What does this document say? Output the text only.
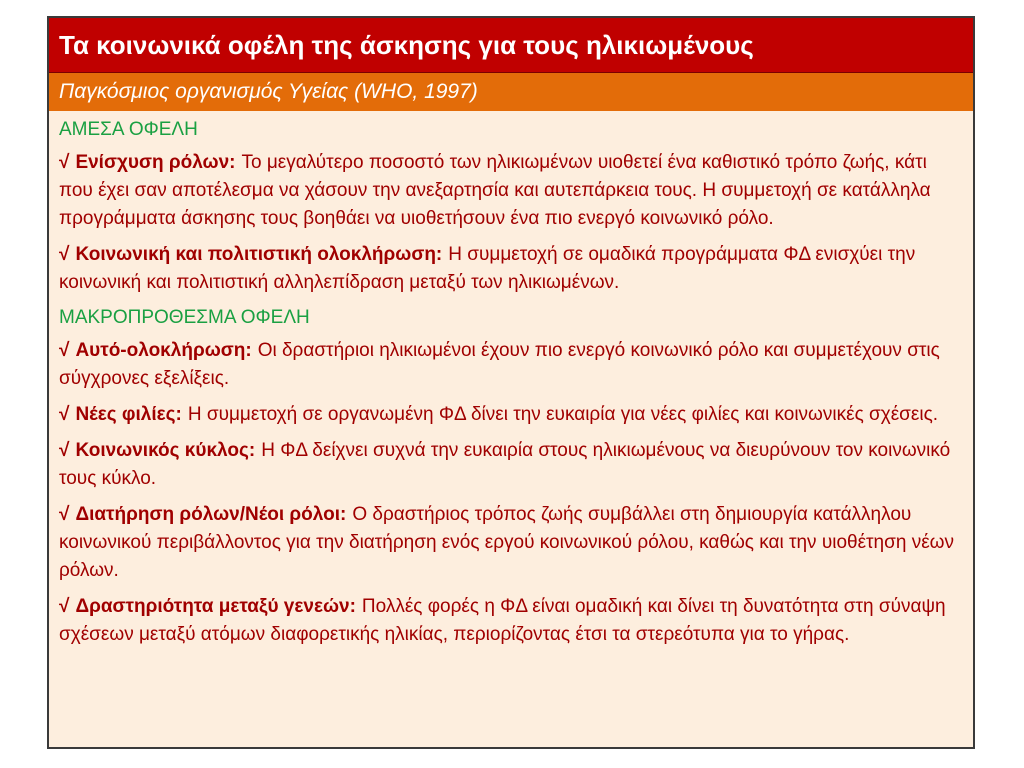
Τα κοινωνικά οφέλη της άσκησης για τους ηλικιωμένους
Παγκόσμιος οργανισμός Υγείας (WHO, 1997)
ΑΜΕΣΑ ΟΦΕΛΗ
√ Ενίσχυση ρόλων: Το μεγαλύτερο ποσοστό των ηλικιωμένων υιοθετεί ένα καθιστικό τρόπο ζωής, κάτι που έχει σαν αποτέλεσμα να χάσουν την ανεξαρτησία και αυτεπάρκεια τους. Η συμμετοχή σε κατάλληλα προγράμματα άσκησης τους βοηθάει να υιοθετήσουν ένα πιο ενεργό κοινωνικό ρόλο.
√ Κοινωνική και πολιτιστική ολοκλήρωση: Η συμμετοχή σε ομαδικά προγράμματα ΦΔ ενισχύει την κοινωνική και πολιτιστική αλληλεπίδραση μεταξύ των ηλικιωμένων.
ΜΑΚΡΟΠΡΟΘΕΣΜΑ ΟΦΕΛΗ
√ Αυτό-ολοκλήρωση: Οι δραστήριοι ηλικιωμένοι έχουν πιο ενεργό κοινωνικό ρόλο και συμμετέχουν στις σύγχρονες εξελίξεις.
√ Νέες φιλίες: Η συμμετοχή σε οργανωμένη ΦΔ δίνει την ευκαιρία για νέες φιλίες και κοινωνικές σχέσεις.
√ Κοινωνικός κύκλος: Η ΦΔ δείχνει συχνά την ευκαιρία στους ηλικιωμένους να διευρύνουν τον κοινωνικό τους κύκλο.
√ Διατήρηση ρόλων/Νέοι ρόλοι: Ο δραστήριος τρόπος ζωής συμβάλλει στη δημιουργία κατάλληλου κοινωνικού περιβάλλοντος για την διατήρηση ενός εργού κοινωνικού ρόλου, καθώς και την υιοθέτηση νέων ρόλων.
√ Δραστηριότητα μεταξύ γενεών: Πολλές φορές η ΦΔ είναι ομαδική και δίνει τη δυνατότητα στη σύναψη σχέσεων μεταξύ ατόμων διαφορετικής ηλικίας, περιορίζοντας έτσι τα στερεότυπα για το γήρας.
